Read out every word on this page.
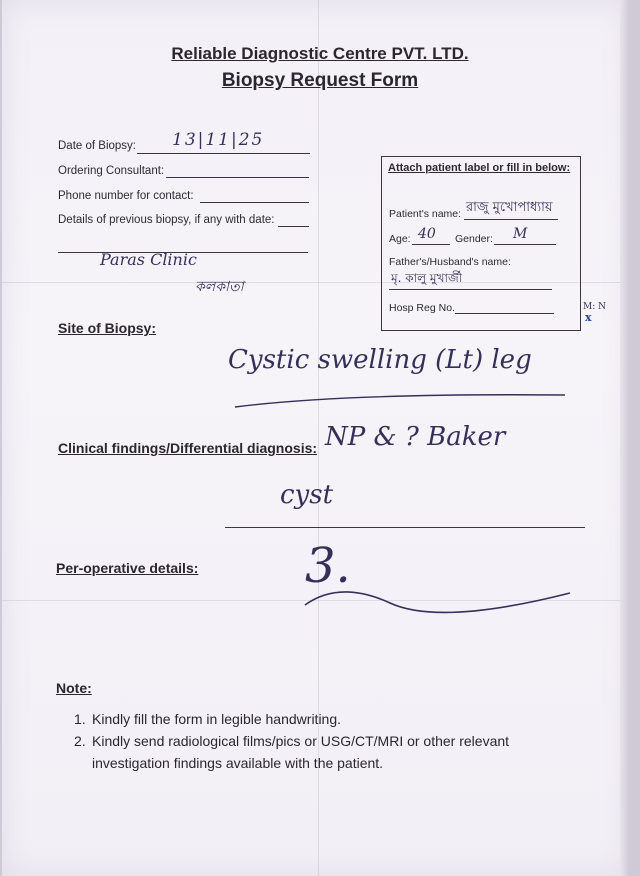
Reliable Diagnostic Centre PVT. LTD.
Biopsy Request Form
Date of Biopsy: 13|11|25
Ordering Consultant:
Phone number for contact:
Details of previous biopsy, if any with date:
Paras Clinic
কলকাতা
Attach patient label or fill in below:
Patient's name: রাজু মুখোপাধ্যায়
Age: 40 Gender: M
Father's/Husband's name:
মৃ. কালু মুখার্জী
Hosp Reg No.	M: N
x
Site of Biopsy:
Cystic swelling (Lt) leg
Clinical findings/Differential diagnosis: NP & ? Baker
cyst
Per-operative details: 3.
Note:
1. Kindly fill the form in legible handwriting.
2. Kindly send radiological films/pics or USG/CT/MRI or other relevant investigation findings available with the patient.
